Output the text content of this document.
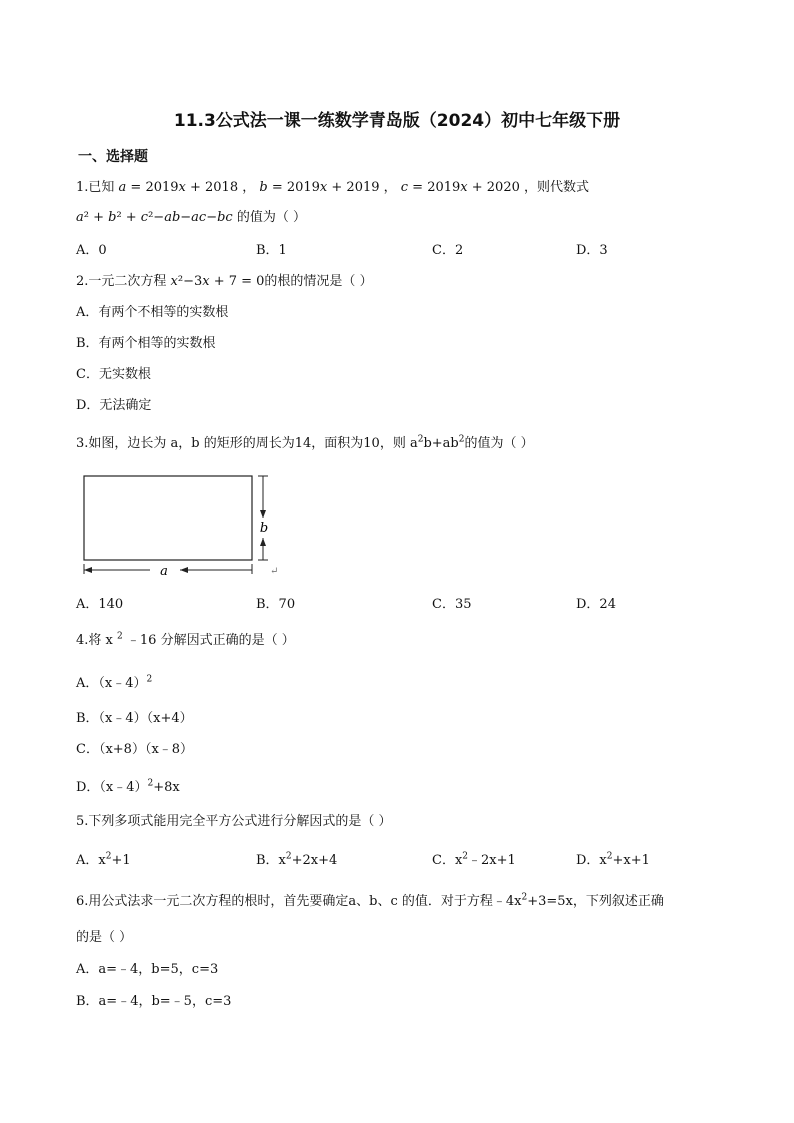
11.3公式法一课一练数学青岛版（2024）初中七年级下册
一、选择题
1.已知 𝑎 = 2019𝑥 + 2018 ， 𝑏 = 2019𝑥 + 2019 ， 𝑐 = 2019𝑥 + 2020 ，则代数式
𝑎² + 𝑏² + 𝑐²−𝑎𝑏−𝑎𝑐−𝑏𝑐 的值为（ ）
A．0	B．1	C．2	D．3
2.一元二次方程 𝑥²−3𝑥 + 7 = 0的根的情况是（ ）
A．有两个不相等的实数根
B．有两个相等的实数根
C．无实数根
D．无法确定
3.如图，边长为 a，b 的矩形的周长为14，面积为10，则 $a^2b+ab^2$的值为（ ）
a
b
↵
A．140	B．70	C．35	D．24
4.将 x $^2$ ﹣16 分解因式正确的是（ ）
A．（x﹣4）$^2$
B．（x﹣4）（x+4）
C．（x+8）（x﹣8）
D．（x﹣4）$^2$+8x
5.下列多项式能用完全平方公式进行分解因式的是（ ）
A．$x^2+1$	B．$x^2+2x+4$	C．$x^2﹣2x+1$	D．$x^2+x+1$
6.用公式法求一元二次方程的根时，首先要确定a、b、c 的值．对于方程$﹣4x^2+3=5x$，下列叙述正确
的是（ ）
A．a=﹣4，b=5，c=3
B．a=﹣4，b=﹣5，c=3
